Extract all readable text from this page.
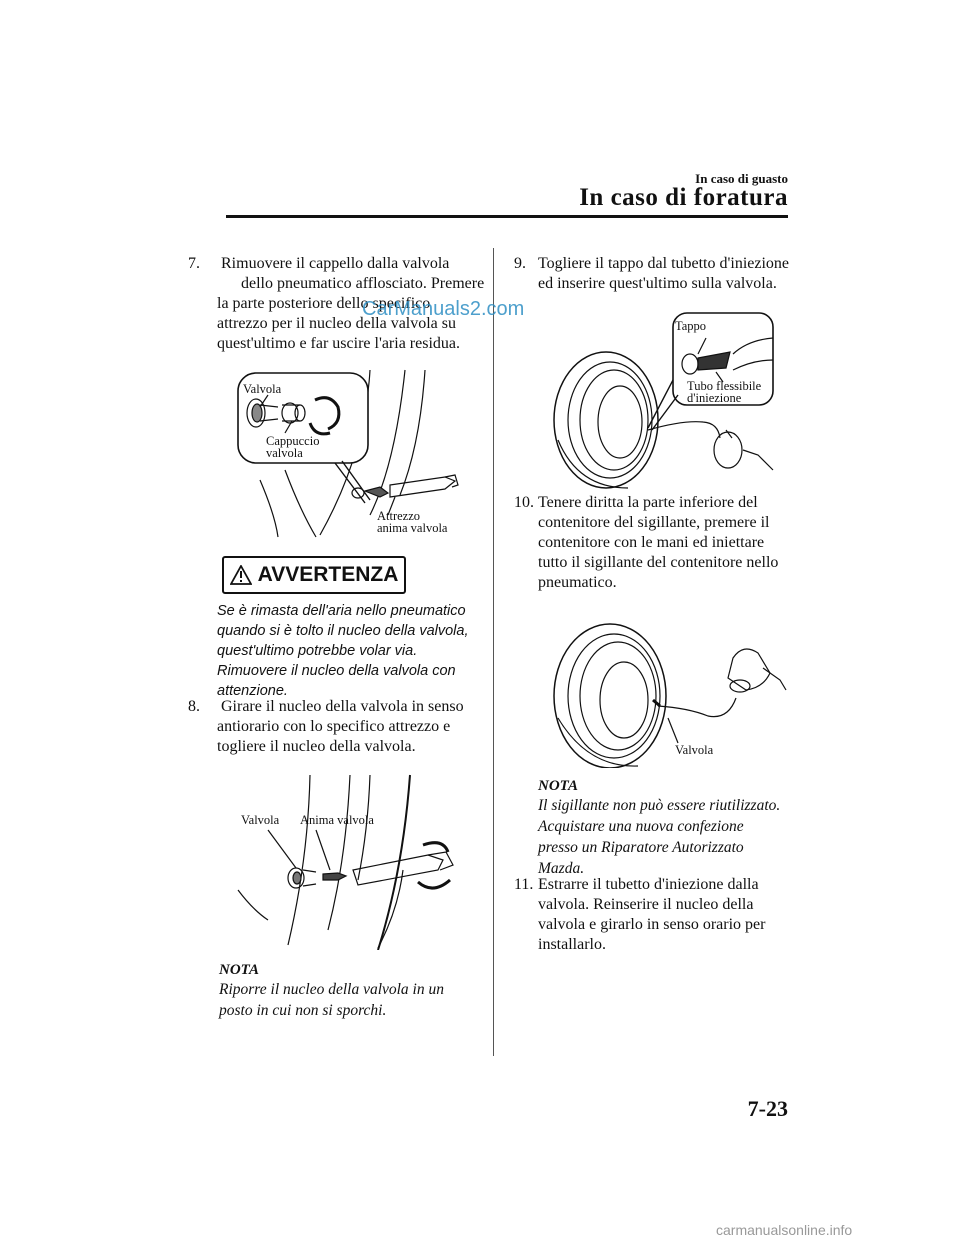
In caso di guasto
In caso di foratura
7. Rimuovere il cappello dalla valvola
dello pneumatico afflosciato. Premere
la parte posteriore dello specifico
attrezzo per il nucleo della valvola su
quest'ultimo e far uscire l'aria residua.
Valvola
Cappuccio
valvola
Attrezzo
anima valvola
AVVERTENZA
Se è rimasta dell'aria nello pneumatico
quando si è tolto il nucleo della valvola,
quest'ultimo potrebbe volar via.
Rimuovere il nucleo della valvola con
attenzione.
8. Girare il nucleo della valvola in senso
antiorario con lo specifico attrezzo e
togliere il nucleo della valvola.
Valvola Anima valvola
NOTA
Riporre il nucleo della valvola in un
posto in cui non si sporchi.
9. Togliere il tappo dal tubetto d'iniezione
ed inserire quest'ultimo sulla valvola.
Tappo
Tubo flessibile
d'iniezione
10. Tenere diritta la parte inferiore del
contenitore del sigillante, premere il
contenitore con le mani ed iniettare
tutto il sigillante del contenitore nello
pneumatico.
Valvola
NOTA
Il sigillante non può essere riutilizzato.
Acquistare una nuova confezione
presso un Riparatore Autorizzato
Mazda.
11. Estrarre il tubetto d'iniezione dalla
valvola. Reinserire il nucleo della
valvola e girarlo in senso orario per
installarlo.
7-23
CarManuals2.com
carmanualsonline.info
